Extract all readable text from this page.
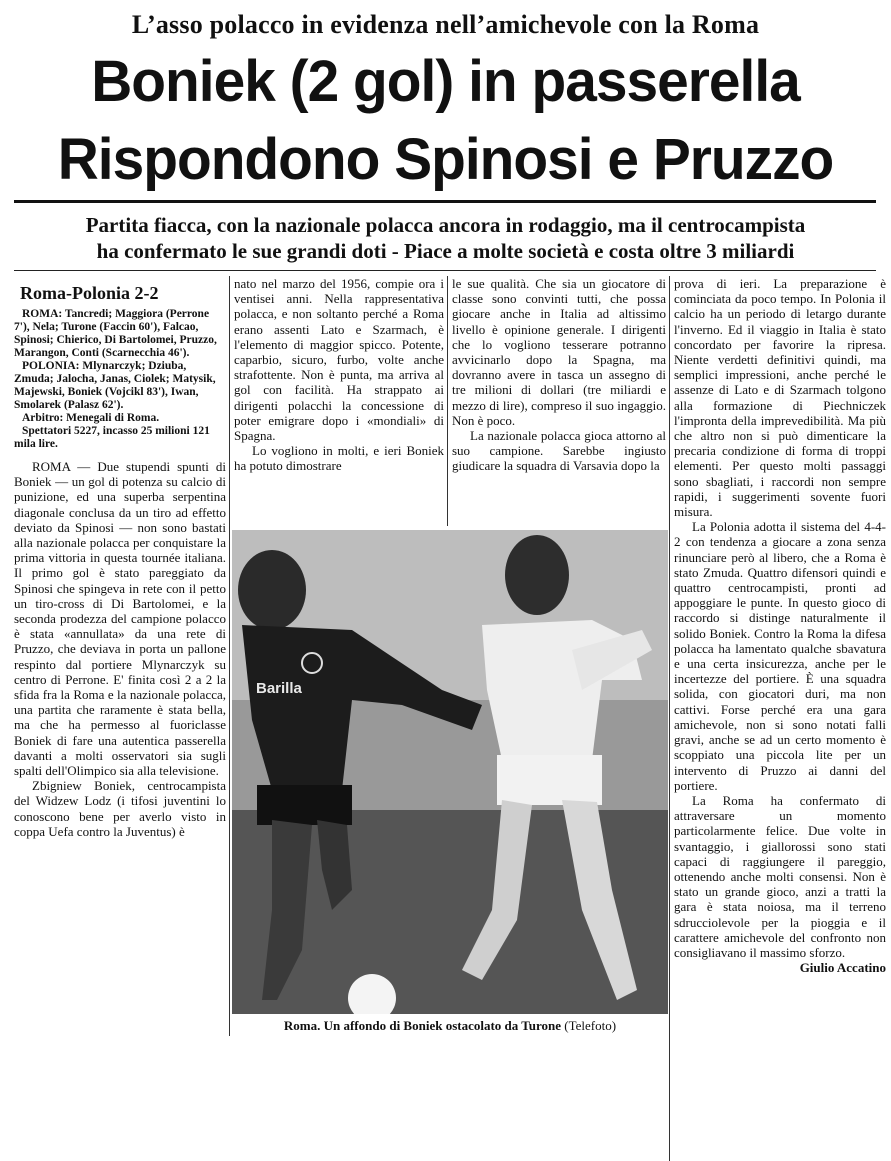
L’asso polacco in evidenza nell’amichevole con la Roma
Boniek (2 gol) in passerella
Rispondono Spinosi e Pruzzo
Partita fiacca, con la nazionale polacca ancora in rodaggio, ma il centrocampista
ha confermato le sue grandi doti - Piace a molte società e costa oltre 3 miliardi
Roma-Polonia 2-2

ROMA: Tancredi; Maggiora (Perrone 7'), Nela; Turone (Faccin 60'), Falcao, Spinosi; Chierico, Di Bartolomei, Pruzzo, Marangon, Conti (Scarnecchia 46').

POLONIA: Mlynarczyk; Dziuba, Zmuda; Jalocha, Janas, Ciolek; Matysik, Majewski, Boniek (Vojcikl 83'), Iwan, Smolarek (Palasz 62').

Arbitro: Menegali di Roma.

Spettatori 5227, incasso 25 milioni 121 mila lire.

ROMA — Due stupendi spunti di Boniek — un gol di potenza su calcio di punizione, ed una superba serpentina diagonale conclusa da un tiro ad effetto deviato da Spinosi — non sono bastati alla nazionale polacca per conquistare la prima vittoria in questa tournée italiana. Il primo gol è stato pareggiato da Spinosi che spingeva in rete con il petto un tiro-cross di Di Bartolomei, e la seconda prodezza del campione polacco è stata «annullata» da una rete di Pruzzo, che deviava in porta un pallone respinto dal portiere Mlynarczyk su centro di Perrone. E' finita così 2 a 2 la sfida fra la Roma e la nazionale polacca, una partita che raramente è stata bella, ma che ha permesso al fuoriclasse Boniek di fare una autentica passerella davanti a molti osservatori sia sugli spalti dell'Olimpico sia alla televisione.

Zbigniew Boniek, centrocampista del Widzew Lodz (i tifosi juventini lo conoscono bene per averlo visto in coppa Uefa contro la Juventus) è

nato nel marzo del 1956, compie ora i ventisei anni. Nella rappresentativa polacca, e non soltanto perché a Roma erano assenti Lato e Szarmach, è l'elemento di maggior spicco. Potente, caparbio, sicuro, furbo, volte anche strafottente. Non è punta, ma arriva al gol con facilità. Ha strappato ai dirigenti polacchi la concessione di poter emigrare dopo i «mondiali» di Spagna.

Lo vogliono in molti, e ieri Boniek ha potuto dimostrare

le sue qualità. Che sia un giocatore di classe sono convinti tutti, che possa giocare anche in Italia ad altissimo livello è opinione generale. I dirigenti che lo vogliono tesserare potranno avvicinarlo dopo la Spagna, ma dovranno avere in tasca un assegno di tre milioni di dollari (tre miliardi e mezzo di lire), compreso il suo ingaggio. Non è poco.

La nazionale polacca gioca attorno al suo campione. Sarebbe ingiusto giudicare la squadra di Varsavia dopo la

prova di ieri. La preparazione è cominciata da poco tempo. In Polonia il calcio ha un periodo di letargo durante l'inverno. Ed il viaggio in Italia è stato concordato per favorire la ripresa. Niente verdetti definitivi quindi, ma semplici impressioni, anche perché le assenze di Lato e di Szarmach tolgono alla formazione di Piechniczek l'impronta della imprevedibilità. Ma più che altro non si può dimenticare la precaria condizione di forma di troppi elementi. Per questo molti passaggi sono sbagliati, i raccordi non sempre rapidi, i suggerimenti sovente fuori misura.

La Polonia adotta il sistema del 4-4-2 con tendenza a giocare a zona senza rinunciare però al libero, che a Roma è stato Zmuda. Quattro difensori quindi e quattro centrocampisti, pronti ad appoggiare le punte. In questo gioco di raccordo si distinge naturalmente il solido Boniek. Contro la Roma la difesa polacca ha lamentato qualche sbavatura e una certa insicurezza, anche per le incertezze del portiere. È una squadra solida, con giocatori duri, ma non cattivi. Forse perché era una gara amichevole, non si sono notati falli gravi, anche se ad un certo momento è scoppiato una piccola lite per un intervento di Pruzzo ai danni del portiere.

La Roma ha confermato di attraversare un momento particolarmente felice. Due volte in svantaggio, i giallorossi sono stati capaci di raggiungere il pareggio, ottenendo anche molti consensi. Non è stato un grande gioco, anzi a tratti la gara è stata noiosa, ma il terreno sdrucciolevole per la pioggia e il carattere amichevole del confronto non consigliavano il massimo sforzo.

Giulio Accatino
Barilla
Roma. Un affondo di Boniek ostacolato da Turone (Telefoto)
